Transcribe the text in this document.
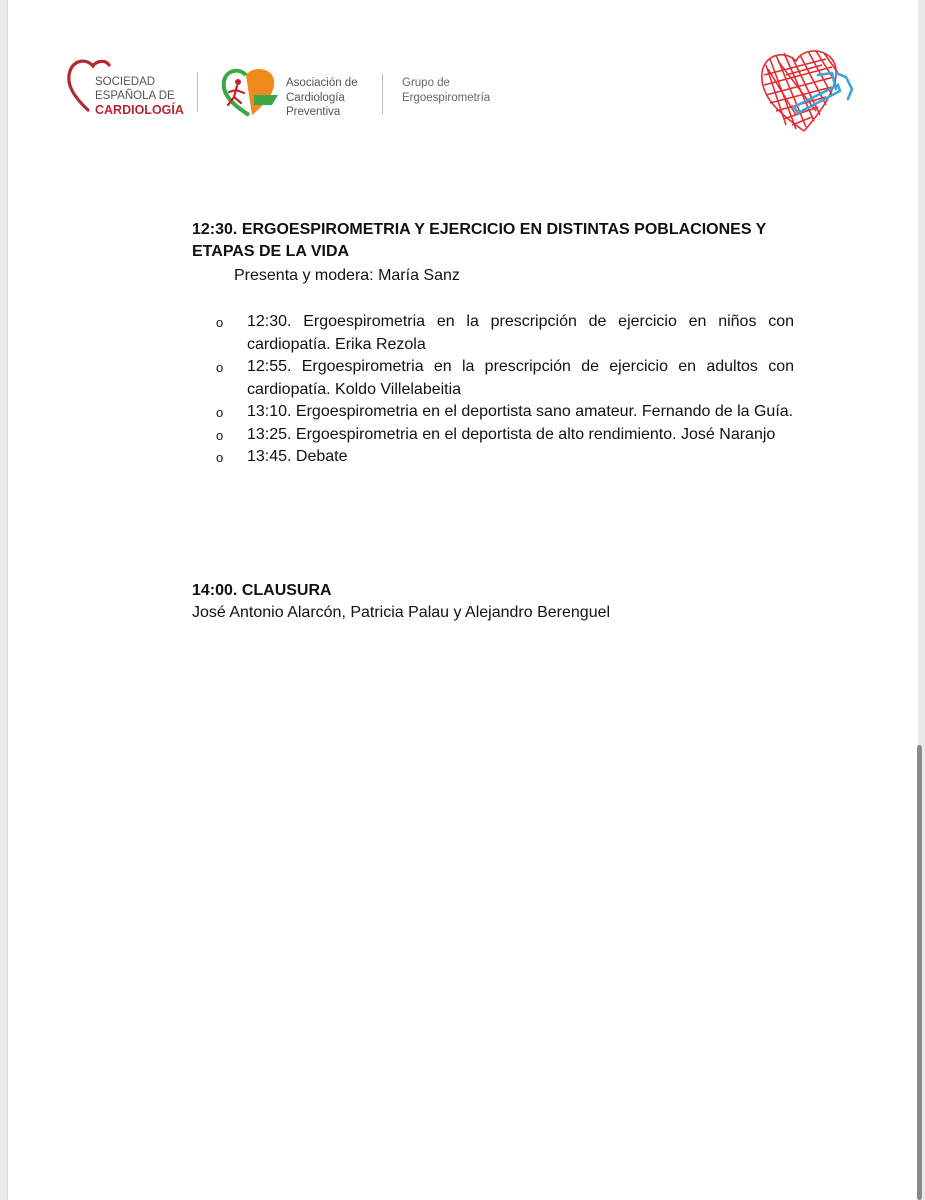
SOCIEDAD
ESPAÑOLA DE
CARDIOLOGÍA
Asociación de
Cardiología
Preventiva
Grupo de
Ergoespirometría
12:30. ERGOESPIROMETRIA Y EJERCICIO EN DISTINTAS POBLACIONES Y ETAPAS DE LA VIDA
Presenta y modera: María Sanz
o 12:30. Ergoespirometria en la prescripción de ejercicio en niños con cardiopatía. Erika Rezola
o 12:55. Ergoespirometria en la prescripción de ejercicio en adultos con cardiopatía. Koldo Villelabeitia
o 13:10. Ergoespirometria en el deportista sano amateur. Fernando de la Guía.
o 13:25. Ergoespirometria en el deportista de alto rendimiento. José Naranjo
o 13:45. Debate
14:00. CLAUSURA
José Antonio Alarcón, Patricia Palau y Alejandro Berenguel
